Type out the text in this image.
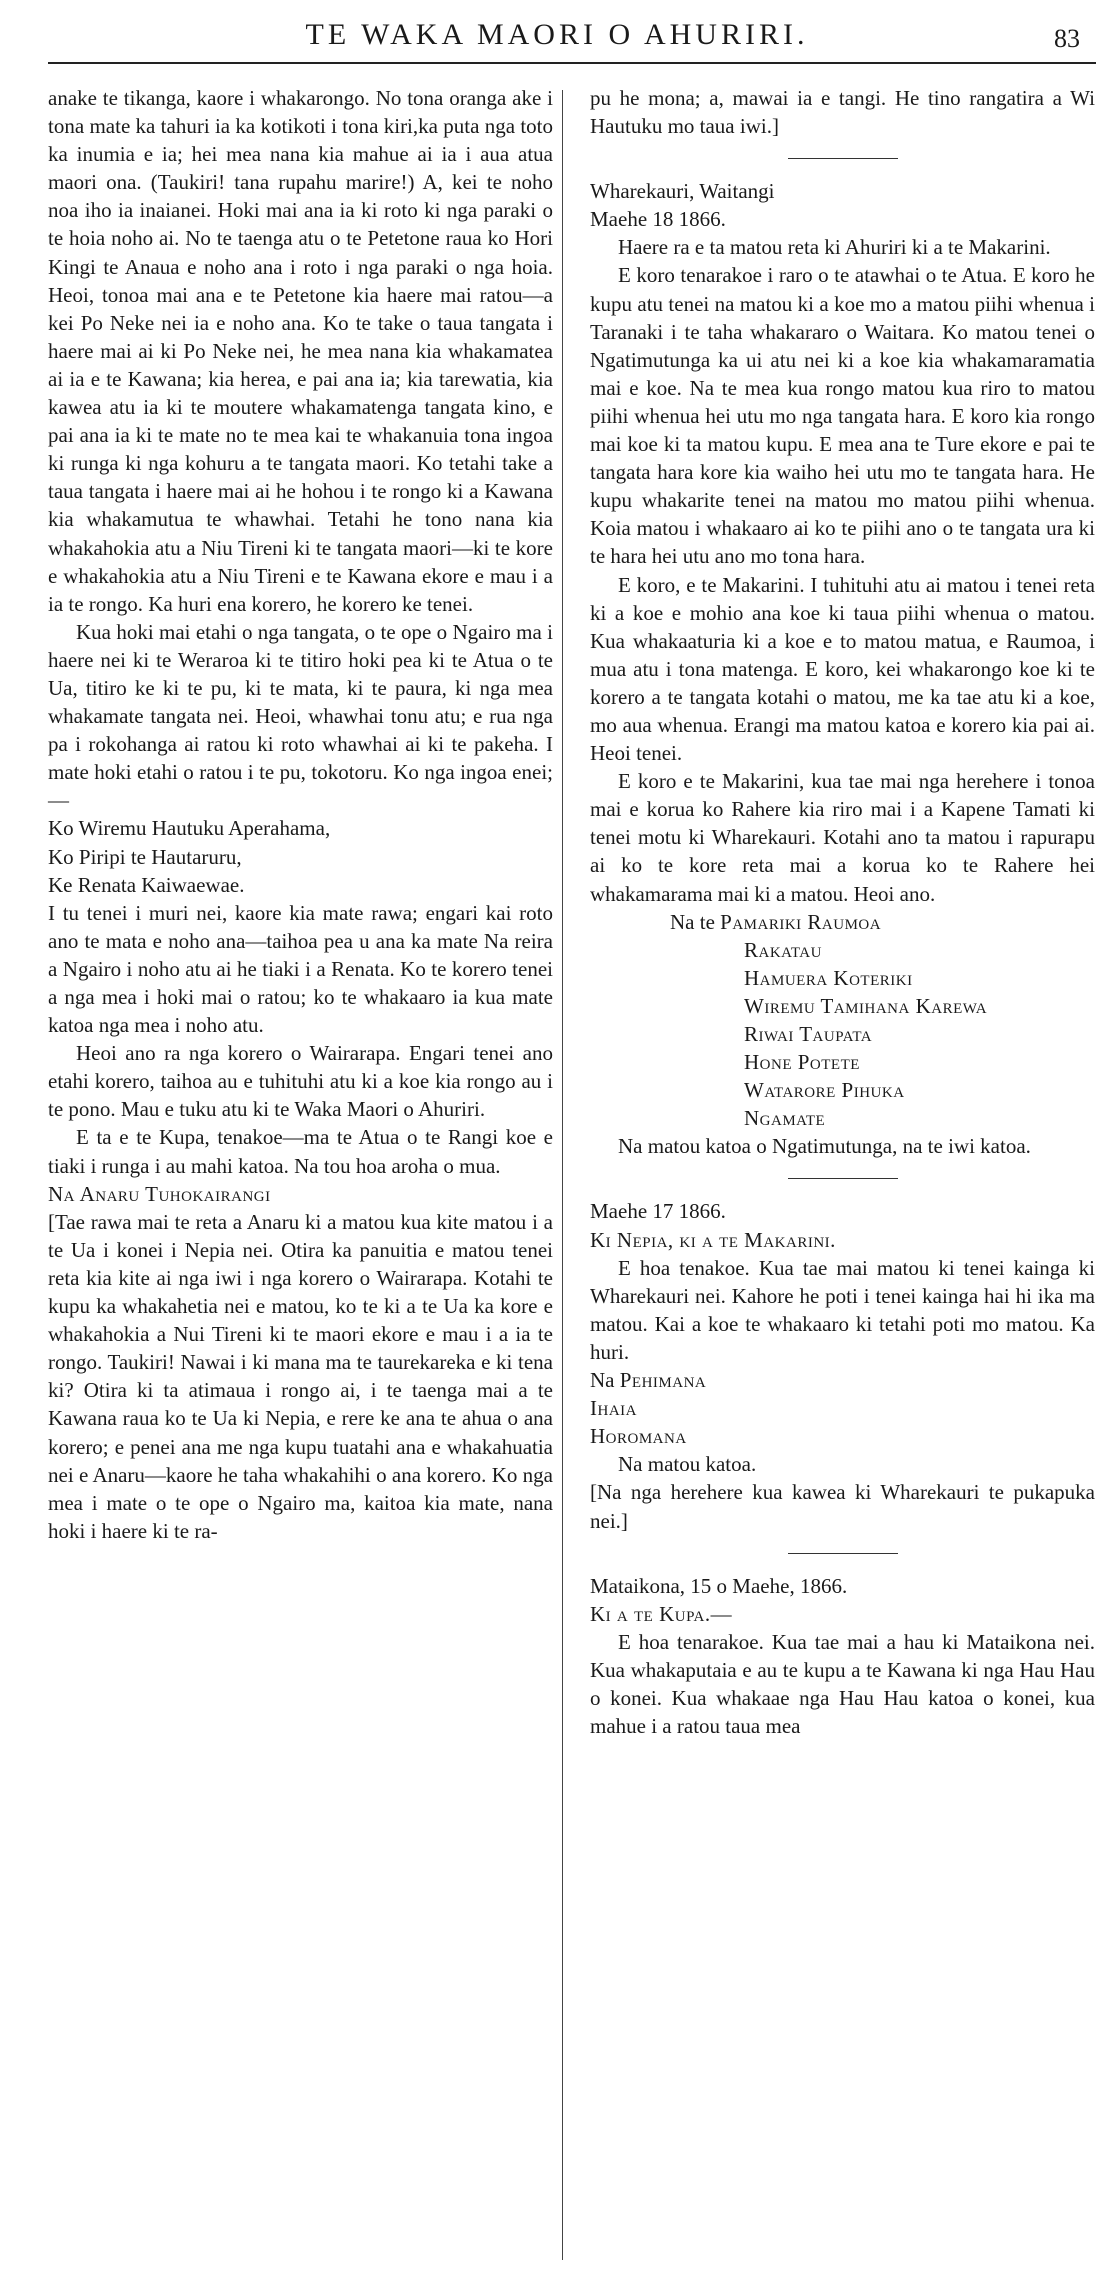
TE WAKA MAORI O AHURIRI.	83

anake te tikanga, kaore i whakarongo. No tona oranga ake i tona mate ka tahuri ia ka kotikoti i tona kiri,ka puta nga toto ka inumia e ia; hei mea nana kia mahue ai ia i aua atua maori ona. (Taukiri! tana rupahu marire!) A, kei te noho noa iho ia inaianei. Hoki mai ana ia ki roto ki nga paraki o te hoia noho ai. No te taenga atu o te Petetone raua ko Hori Kingi te Anaua e noho ana i roto i nga paraki o nga hoia. Heoi, tonoa mai ana e te Petetone kia haere mai ratou—a kei Po Neke nei ia e noho ana. Ko te take o taua tangata i haere mai ai ki Po Neke nei, he mea nana kia whakamatea ai ia e te Kawana; kia herea, e pai ana ia; kia tarewatia, kia kawea atu ia ki te moutere whakamatenga tangata kino, e pai ana ia ki te mate no te mea kai te whakanuia tona ingoa ki runga ki nga kohuru a te tangata maori. Ko tetahi take a taua tangata i haere mai ai he hohou i te rongo ki a Kawana kia whakamutua te whawhai. Tetahi he tono nana kia whakahokia atu a Niu Tireni ki te tangata maori—ki te kore e whakahokia atu a Niu Tireni e te Kawana ekore e mau i a ia te rongo. Ka huri ena korero, he korero ke tenei.

Kua hoki mai etahi o nga tangata, o te ope o Ngairo ma i haere nei ki te Weraroa ki te titiro hoki pea ki te Atua o te Ua, titiro ke ki te pu, ki te mata, ki te paura, ki nga mea whakamate tangata nei. Heoi, whawhai tonu atu; e rua nga pa i rokohanga ai ratou ki roto whawhai ai ki te pakeha. I mate hoki etahi o ratou i te pu, tokotoru. Ko nga ingoa enei;—

Ko Wiremu Hautuku Aperahama,

Ko Piripi te Hautaruru,

Ke Renata Kaiwaewae.

I tu tenei i muri nei, kaore kia mate rawa; engari kai roto ano te mata e noho ana—taihoa pea u ana ka mate Na reira a Ngairo i noho atu ai he tiaki i a Renata. Ko te korero tenei a nga mea i hoki mai o ratou; ko te whakaaro ia kua mate katoa nga mea i noho atu.

Heoi ano ra nga korero o Wairarapa. Engari tenei ano etahi korero, taihoa au e tuhituhi atu ki a koe kia rongo au i te pono. Mau e tuku atu ki te Waka Maori o Ahuriri.

E ta e te Kupa, tenakoe—ma te Atua o te Rangi koe e tiaki i runga i au mahi katoa. Na tou hoa aroha o mua.

Na Anaru Tuhokairangi

[Tae rawa mai te reta a Anaru ki a matou kua kite matou i a te Ua i konei i Nepia nei. Otira ka panuitia e matou tenei reta kia kite ai nga iwi i nga korero o Wairarapa. Kotahi te kupu ka whakahetia nei e matou, ko te ki a te Ua ka kore e whakahokia a Nui Tireni ki te maori ekore e mau i a ia te rongo. Taukiri! Nawai i ki mana ma te taurekareka e ki tena ki? Otira ki ta atimaua i rongo ai, i te taenga mai a te Kawana raua ko te Ua ki Nepia, e rere ke ana te ahua o ana korero; e penei ana me nga kupu tuatahi ana e whakahuatia nei e Anaru—kaore he taha whakahihi o ana korero. Ko nga mea i mate o te ope o Ngairo ma, kaitoa kia mate, nana hoki i haere ki te ra-

pu he mona; a, mawai ia e tangi. He tino rangatira a Wi Hautuku mo taua iwi.]

Wharekauri, Waitangi

Maehe 18 1866.

Haere ra e ta matou reta ki Ahuriri ki a te Makarini.

E koro tenarakoe i raro o te atawhai o te Atua. E koro he kupu atu tenei na matou ki a koe mo a matou piihi whenua i Taranaki i te taha whakararo o Waitara. Ko matou tenei o Ngatimutunga ka ui atu nei ki a koe kia whakamaramatia mai e koe. Na te mea kua rongo matou kua riro to matou piihi whenua hei utu mo nga tangata hara. E koro kia rongo mai koe ki ta matou kupu. E mea ana te Ture ekore e pai te tangata hara kore kia waiho hei utu mo te tangata hara. He kupu whakarite tenei na matou mo matou piihi whenua. Koia matou i whakaaro ai ko te piihi ano o te tangata ura ki te hara hei utu ano mo tona hara.

E koro, e te Makarini. I tuhituhi atu ai matou i tenei reta ki a koe e mohio ana koe ki taua piihi whenua o matou. Kua whakaaturia ki a koe e to matou matua, e Raumoa, i mua atu i tona matenga. E koro, kei whakarongo koe ki te korero a te tangata kotahi o matou, me ka tae atu ki a koe, mo aua whenua. Erangi ma matou katoa e korero kia pai ai. Heoi tenei.

E koro e te Makarini, kua tae mai nga herehere i tonoa mai e korua ko Rahere kia riro mai i a Kapene Tamati ki tenei motu ki Wharekauri. Kotahi ano ta matou i rapurapu ai ko te kore reta mai a korua ko te Rahere hei whakamarama mai ki a matou. Heoi ano.

Na te Pamariki Raumoa

Rakatau

Hamuera Koteriki

Wiremu Tamihana Karewa

Riwai Taupata

Hone Potete

Watarore Pihuka

Ngamate

Na matou katoa o Ngatimutunga, na te iwi katoa.

Maehe 17 1866.

Ki Nepia, ki a te Makarini.

E hoa tenakoe. Kua tae mai matou ki tenei kainga ki Wharekauri nei. Kahore he poti i tenei kainga hai hi ika ma matou. Kai a koe te whakaaro ki tetahi poti mo matou. Ka huri.

Na Pehimana

Ihaia

Horomana

Na matou katoa.

[Na nga herehere kua kawea ki Wharekauri te pukapuka nei.]

Mataikona, 15 o Maehe, 1866.

Ki a te Kupa.—

E hoa tenarakoe. Kua tae mai a hau ki Mataikona nei. Kua whakaputaia e au te kupu a te Kawana ki nga Hau Hau o konei. Kua whakaae nga Hau Hau katoa o konei, kua mahue i a ratou taua mea
